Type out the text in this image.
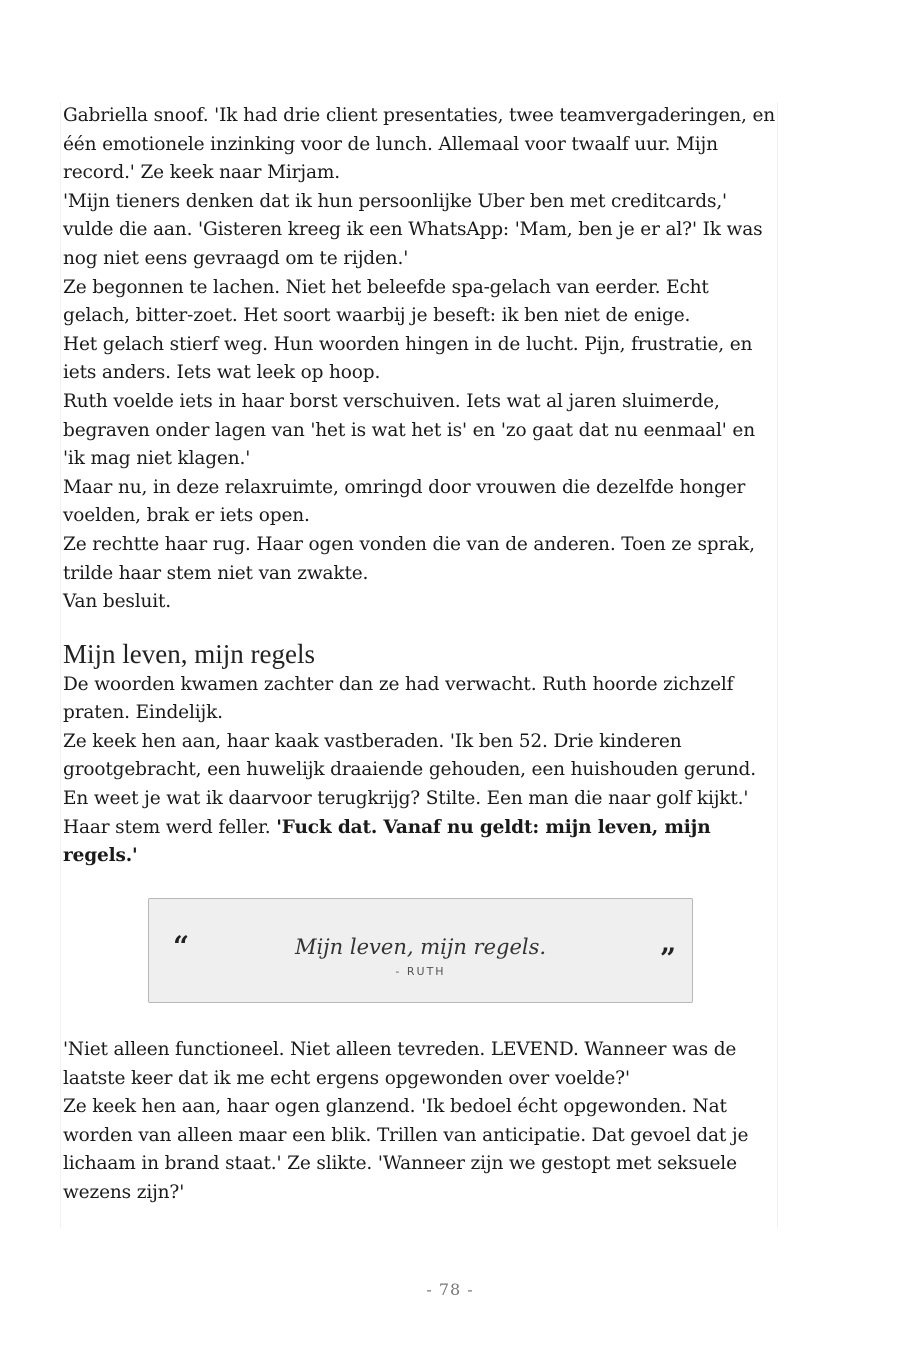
Gabriella snoof. 'Ik had drie client presentaties, twee teamvergaderingen, en één emotionele inzinking voor de lunch. Allemaal voor twaalf uur. Mijn record.' Ze keek naar Mirjam.

'Mijn tieners denken dat ik hun persoonlijke Uber ben met creditcards,' vulde die aan. 'Gisteren kreeg ik een WhatsApp: 'Mam, ben je er al?' Ik was nog niet eens gevraagd om te rijden.'

Ze begonnen te lachen. Niet het beleefde spa-gelach van eerder. Echt gelach, bitter-zoet. Het soort waarbij je beseft: ik ben niet de enige.

Het gelach stierf weg. Hun woorden hingen in de lucht. Pijn, frustratie, en iets anders. Iets wat leek op hoop.

Ruth voelde iets in haar borst verschuiven. Iets wat al jaren sluimerde, begraven onder lagen van 'het is wat het is' en 'zo gaat dat nu eenmaal' en 'ik mag niet klagen.'

Maar nu, in deze relaxruimte, omringd door vrouwen die dezelfde honger voelden, brak er iets open.

Ze rechtte haar rug. Haar ogen vonden die van de anderen. Toen ze sprak, trilde haar stem niet van zwakte.

Van besluit.

Mijn leven, mijn regels

De woorden kwamen zachter dan ze had verwacht. Ruth hoorde zichzelf praten. Eindelijk.

Ze keek hen aan, haar kaak vastberaden. 'Ik ben 52. Drie kinderen grootgebracht, een huwelijk draaiende gehouden, een huishouden gerund. En weet je wat ik daarvoor terugkrijg? Stilte. Een man die naar golf kijkt.'

Haar stem werd feller. 'Fuck dat. Vanaf nu geldt: mijn leven, mijn regels.'

“	Mijn leven, mijn regels.
- RUTH	”

'Niet alleen functioneel. Niet alleen tevreden. LEVEND. Wanneer was de laatste keer dat ik me echt ergens opgewonden over voelde?'

Ze keek hen aan, haar ogen glanzend. 'Ik bedoel écht opgewonden. Nat worden van alleen maar een blik. Trillen van anticipatie. Dat gevoel dat je lichaam in brand staat.' Ze slikte. 'Wanneer zijn we gestopt met seksuele wezens zijn?'

- 78 -
